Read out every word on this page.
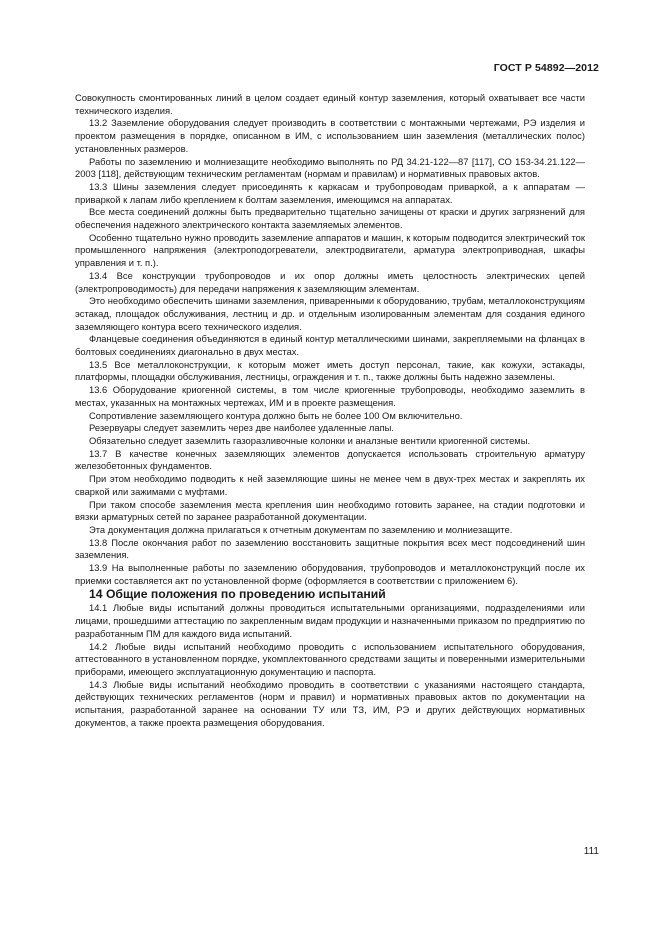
ГОСТ Р 54892—2012

Совокупность смонтированных линий в целом создает единый контур заземления, который охватывает все части технического изделия.

13.2 Заземление оборудования следует производить в соответствии с монтажными чертежами, РЭ изделия и проектом размещения в порядке, описанном в ИМ, с использованием шин заземления (металлических полос) установленных размеров.

Работы по заземлению и молниезащите необходимо выполнять по РД 34.21-122—87 [117], СО 153-34.21.122—2003 [118], действующим техническим регламентам (нормам и правилам) и нормативных правовых актов.

13.3 Шины заземления следует присоединять к каркасам и трубопроводам приваркой, а к аппаратам — приваркой к лапам либо креплением к болтам заземления, имеющимся на аппаратах.

Все места соединений должны быть предварительно тщательно зачищены от краски и других загрязнений для обеспечения надежного электрического контакта заземляемых элементов.

Особенно тщательно нужно проводить заземление аппаратов и машин, к которым подводится электрический ток промышленного напряжения (электроподогреватели, электродвигатели, арматура электроприводная, шкафы управления и т. п.).

13.4 Все конструкции трубопроводов и их опор должны иметь целостность электрических цепей (электропроводимость) для передачи напряжения к заземляющим элементам.

Это необходимо обеспечить шинами заземления, приваренными к оборудованию, трубам, металлоконструкциям эстакад, площадок обслуживания, лестниц и др. и отдельным изолированным элементам для создания единого заземляющего контура всего технического изделия.

Фланцевые соединения объединяются в единый контур металлическими шинами, закрепляемыми на фланцах в болтовых соединениях диагонально в двух местах.

13.5 Все металлоконструкции, к которым может иметь доступ персонал, такие, как кожухи, эстакады, платформы, площадки обслуживания, лестницы, ограждения и т. п., также должны быть надежно заземлены.

13.6 Оборудование криогенной системы, в том числе криогенные трубопроводы, необходимо заземлить в местах, указанных на монтажных чертежах, ИМ и в проекте размещения.

Сопротивление заземляющего контура должно быть не более 100 Ом включительно.

Резервуары следует заземлить через две наиболее удаленные лапы.

Обязательно следует заземлить газоразливочные колонки и аналзные вентили криогенной системы.

13.7 В качестве конечных заземляющих элементов допускается использовать строительную арматуру железобетонных фундаментов.

При этом необходимо подводить к ней заземляющие шины не менее чем в двух-трех местах и закреплять их сваркой или зажимами с муфтами.

При таком способе заземления места крепления шин необходимо готовить заранее, на стадии подготовки и вязки арматурных сетей по заранее разработанной документации.

Эта документация должна прилагаться к отчетным документам по заземлению и молниезащите.

13.8 После окончания работ по заземлению восстановить защитные покрытия всех мест подсоединений шин заземления.

13.9 На выполненные работы по заземлению оборудования, трубопроводов и металлоконструкций после их приемки составляется акт по установленной форме (оформляется в соответствии с приложением 6).

14 Общие положения по проведению испытаний

14.1 Любые виды испытаний должны проводиться испытательными организациями, подразделениями или лицами, прошедшими аттестацию по закрепленным видам продукции и назначенными приказом по предприятию по разработанным ПМ для каждого вида испытаний.

14.2 Любые виды испытаний необходимо проводить с использованием испытательного оборудования, аттестованного в установленном порядке, укомплектованного средствами защиты и поверенными измерительными приборами, имеющего эксплуатационную документацию и паспорта.

14.3 Любые виды испытаний необходимо проводить в соответствии с указаниями настоящего стандарта, действующих технических регламентов (норм и правил) и нормативных правовых актов по документации на испытания, разработанной заранее на основании ТУ или ТЗ, ИМ, РЭ и других действующих нормативных документов, а также проекта размещения оборудования.

111
